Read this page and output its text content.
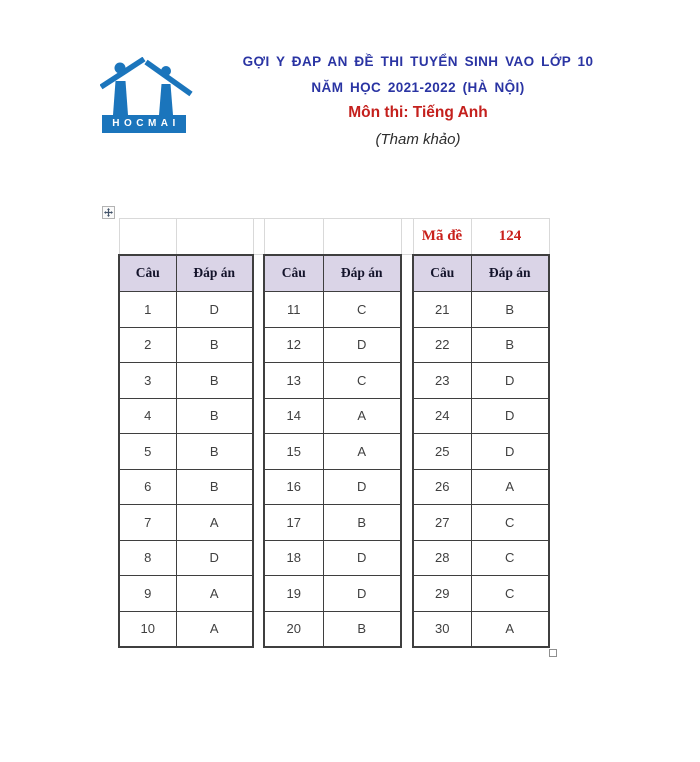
HOCMAI
GỢI Y ĐAP AN ĐỀ THI TUYỂN SINH VAO LỚP 10
NĂM HỌC 2021-2022 (HÀ NỘI)
Môn thi: Tiếng Anh
(Tham khảo)
						Mã đề	124
Câu	Đáp án		Câu	Đáp án		Câu	Đáp án
1	D		11	C		21	B
2	B		12	D		22	B
3	B		13	C		23	D
4	B		14	A		24	D
5	B		15	A		25	D
6	B		16	D		26	A
7	A		17	B		27	C
8	D		18	D		28	C
9	A		19	D		29	C
10	A		20	B		30	A
